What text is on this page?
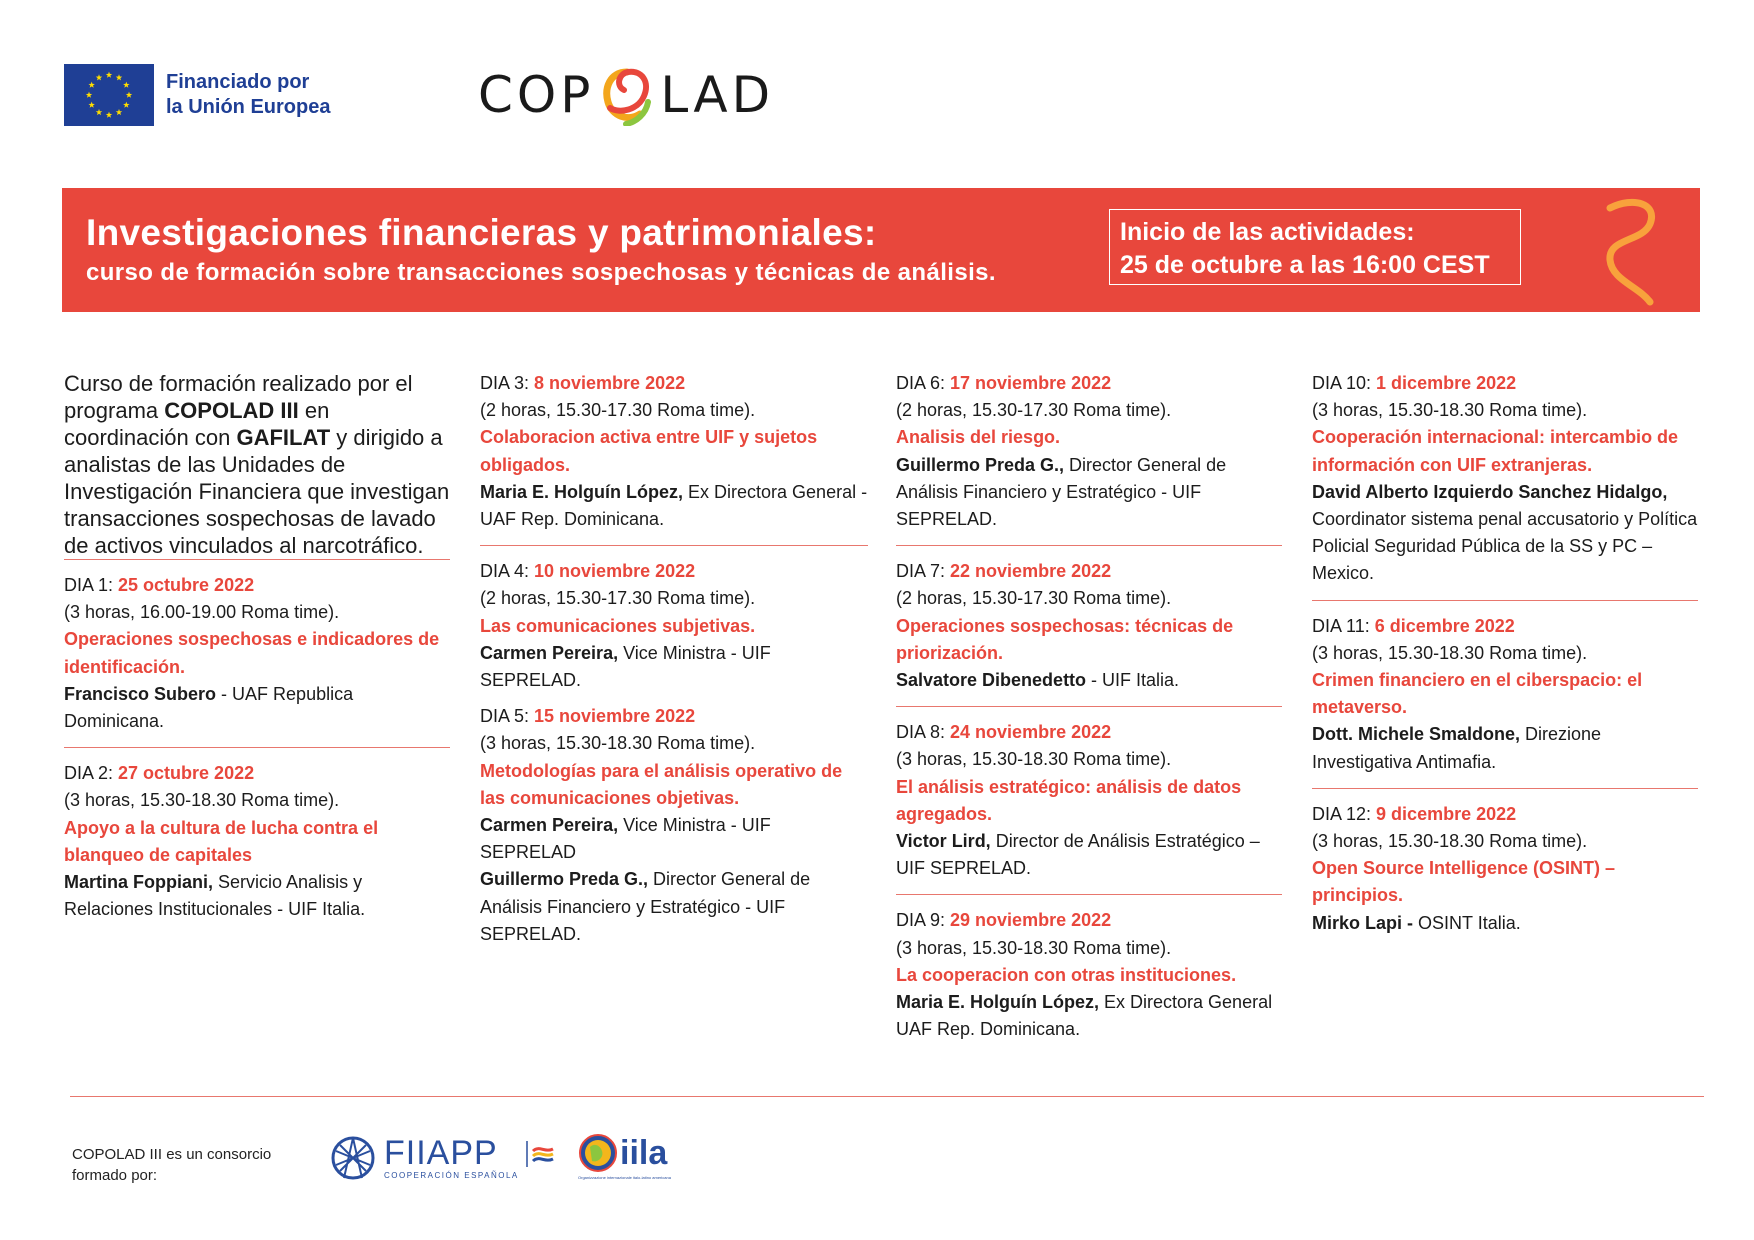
Financiado por
la Unión Europea	COP LAD
Investigaciones financieras y patrimoniales:
curso de formación sobre transacciones sospechosas y técnicas de análisis.
Inicio de las actividades:
25 de octubre a las 16:00 CEST

Curso de formación realizado por el programa COPOLAD III en coordinación con GAFILAT y dirigido a analistas de las Unidades de Investigación Financiera que investigan transacciones sospechosas de lavado de activos vinculados al narcotráfico.

DIA 1: 25 octubre 2022

(3 horas, 16.00-19.00 Roma time).

Operaciones sospechosas e indicadores de identificación.

Francisco Subero - UAF Republica Dominicana.

DIA 2: 27 octubre 2022

(3 horas, 15.30-18.30 Roma time).

Apoyo a la cultura de lucha contra el blanqueo de capitales

Martina Foppiani, Servicio Analisis y Relaciones Institucionales - UIF Italia.

DIA 3: 8 noviembre 2022

(2 horas, 15.30-17.30 Roma time).

Colaboracion activa entre UIF y sujetos obligados.

Maria E. Holguín López, Ex Directora General - UAF Rep. Dominicana.

DIA 4: 10 noviembre 2022

(2 horas, 15.30-17.30 Roma time).

Las comunicaciones subjetivas.

Carmen Pereira, Vice Ministra - UIF SEPRELAD.

DIA 5: 15 noviembre 2022

(3 horas, 15.30-18.30 Roma time).

Metodologías para el análisis operativo de las comunicaciones objetivas.

Carmen Pereira, Vice Ministra - UIF SEPRELAD

Guillermo Preda G., Director General de Análisis Financiero y Estratégico - UIF SEPRELAD.

DIA 6: 17 noviembre 2022

(2 horas, 15.30-17.30 Roma time).

Analisis del riesgo.

Guillermo Preda G., Director General de Análisis Financiero y Estratégico - UIF SEPRELAD.

DIA 7: 22 noviembre 2022

(2 horas, 15.30-17.30 Roma time).

Operaciones sospechosas: técnicas de priorización.

Salvatore Dibenedetto - UIF Italia.

DIA 8: 24 noviembre 2022

(3 horas, 15.30-18.30 Roma time).

El análisis estratégico: análisis de datos agregados.

Victor Lird, Director de Análisis Estratégico – UIF SEPRELAD.

DIA 9: 29 noviembre 2022

(3 horas, 15.30-18.30 Roma time).

La cooperacion con otras instituciones.

Maria E. Holguín López, Ex Directora General UAF Rep. Dominicana.

DIA 10: 1 dicembre 2022

(3 horas, 15.30-18.30 Roma time).

Cooperación internacional: intercambio de información con UIF extranjeras.

David Alberto Izquierdo Sanchez Hidalgo, Coordinator sistema penal accusatorio y Política Policial Seguridad Pública de la SS y PC – Mexico.

DIA 11: 6 dicembre 2022

(3 horas, 15.30-18.30 Roma time).

Crimen financiero en el ciberspacio: el metaverso.

Dott. Michele Smaldone, Direzione Investigativa Antimafia.

DIA 12: 9 dicembre 2022

(3 horas, 15.30-18.30 Roma time).

Open Source Intelligence (OSINT) – principios.

Mirko Lapi - OSINT Italia.

COPOLAD III es un consorcio formado por:
FIIAPP
COOPERACIÓN ESPAÑOLA
iila
Organizzazione internazionale italo-latino americana
